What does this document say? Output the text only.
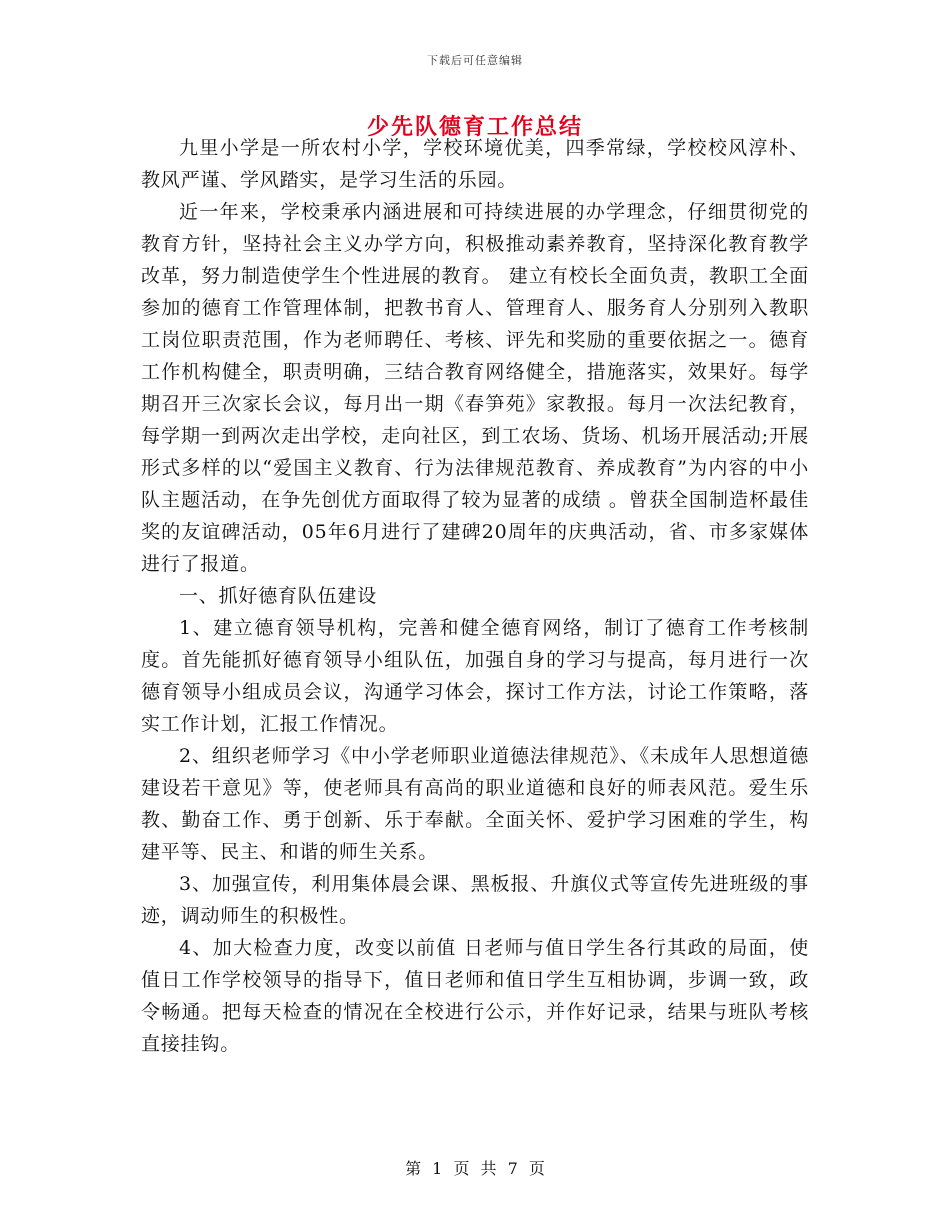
下载后可任意编辑
少先队德育工作总结

九里小学是一所农村小学，学校环境优美，四季常绿，学校校风淳朴、教风严谨、学风踏实，是学习生活的乐园。

近一年来，学校秉承内涵进展和可持续进展的办学理念，仔细贯彻党的教育方针，坚持社会主义办学方向，积极推动素养教育，坚持深化教育教学改革，努力制造使学生个性进展的教育。 建立有校长全面负责，教职工全面参加的德育工作管理体制，把教书育人、管理育人、服务育人分别列入教职工岗位职责范围，作为老师聘任、考核、评先和奖励的重要依据之一。德育工作机构健全，职责明确，三结合教育网络健全，措施落实，效果好。每学期召开三次家长会议，每月出一期《春笋苑》家教报。每月一次法纪教育，每学期一到两次走出学校，走向社区，到工农场、货场、机场开展活动;开展形式多样的以“爱国主义教育、行为法律规范教育、养成教育”为内容的中小队主题活动，在争先创优方面取得了较为显著的成绩 。曾获全国制造杯最佳奖的友谊碑活动，05年6月进行了建碑20周年的庆典活动，省、市多家媒体进行了报道。

一、抓好德育队伍建设

1、建立德育领导机构，完善和健全德育网络，制订了德育工作考核制度。首先能抓好德育领导小组队伍，加强自身的学习与提高，每月进行一次德育领导小组成员会议，沟通学习体会，探讨工作方法，讨论工作策略，落实工作计划，汇报工作情况。

2、组织老师学习《中小学老师职业道德法律规范》、《未成年人思想道德建设若干意见》等，使老师具有高尚的职业道德和良好的师表风范。爱生乐教、勤奋工作、勇于创新、乐于奉献。全面关怀、爱护学习困难的学生，构建平等、民主、和谐的师生关系。

3、加强宣传，利用集体晨会课、黑板报、升旗仪式等宣传先进班级的事迹，调动师生的积极性。

4、加大检查力度，改变以前值 日老师与值日学生各行其政的局面，使值日工作学校领导的指导下，值日老师和值日学生互相协调，步调一致，政令畅通。把每天检查的情况在全校进行公示，并作好记录，结果与班队考核直接挂钩。

第 1 页 共 7 页
